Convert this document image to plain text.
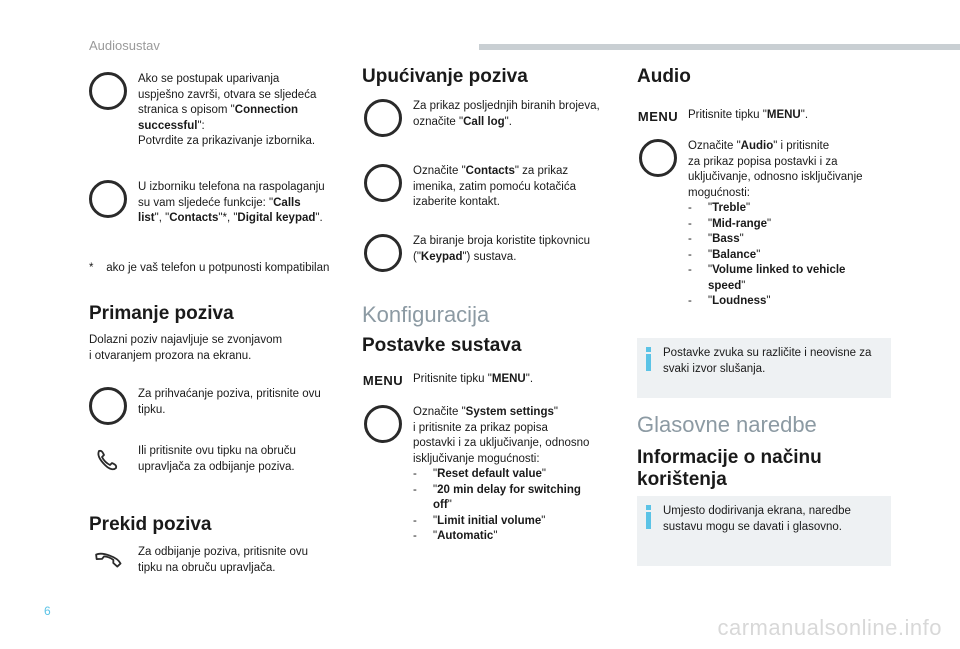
Audiosustav
Ako se postupak uparivanja
uspješno završi, otvara se sljedeća
stranica s opisom "Connection
successful":
Potvrdite za prikazivanje izbornika.
U izborniku telefona na raspolaganju
su vam sljedeće funkcije: "Calls
list", "Contacts"*, "Digital keypad".
* ako je vaš telefon u potpunosti kompatibilan
Primanje poziva
Dolazni poziv najavljuje se zvonjavom
i otvaranjem prozora na ekranu.
Za prihvaćanje poziva, pritisnite ovu
tipku.
Ili pritisnite ovu tipku na obruču
upravljača za odbijanje poziva.
Prekid poziva
Za odbijanje poziva, pritisnite ovu
tipku na obruču upravljača.
Upućivanje poziva
Za prikaz posljednjih biranih brojeva,
označite "Call log".
Označite "Contacts" za prikaz
imenika, zatim pomoću kotačića
izaberite kontakt.
Za biranje broja koristite tipkovnicu
("Keypad") sustava.
Konfiguracija
Postavke sustava
MENU Pritisnite tipku "MENU".
Označite "System settings"
i pritisnite za prikaz popisa
postavki i za uključivanje, odnosno
isključivanje mogućnosti:
-	"Reset default value"
-	"20 min delay for switching
off"
-	"Limit initial volume"
-	"Automatic"
Audio
MENU Pritisnite tipku "MENU".
Označite "Audio" i pritisnite
za prikaz popisa postavki i za
uključivanje, odnosno isključivanje
mogućnosti:
-	"Treble"
-	"Mid-range"
-	"Bass"
-	"Balance"
-	"Volume linked to vehicle
speed"
-	"Loudness"
Postavke zvuka su različite i neovisne za
svaki izvor slušanja.
Glasovne naredbe
Informacije o načinu
korištenja
Umjesto dodirivanja ekrana, naredbe
sustavu mogu se davati i glasovno.
6
carmanualsonline.info
